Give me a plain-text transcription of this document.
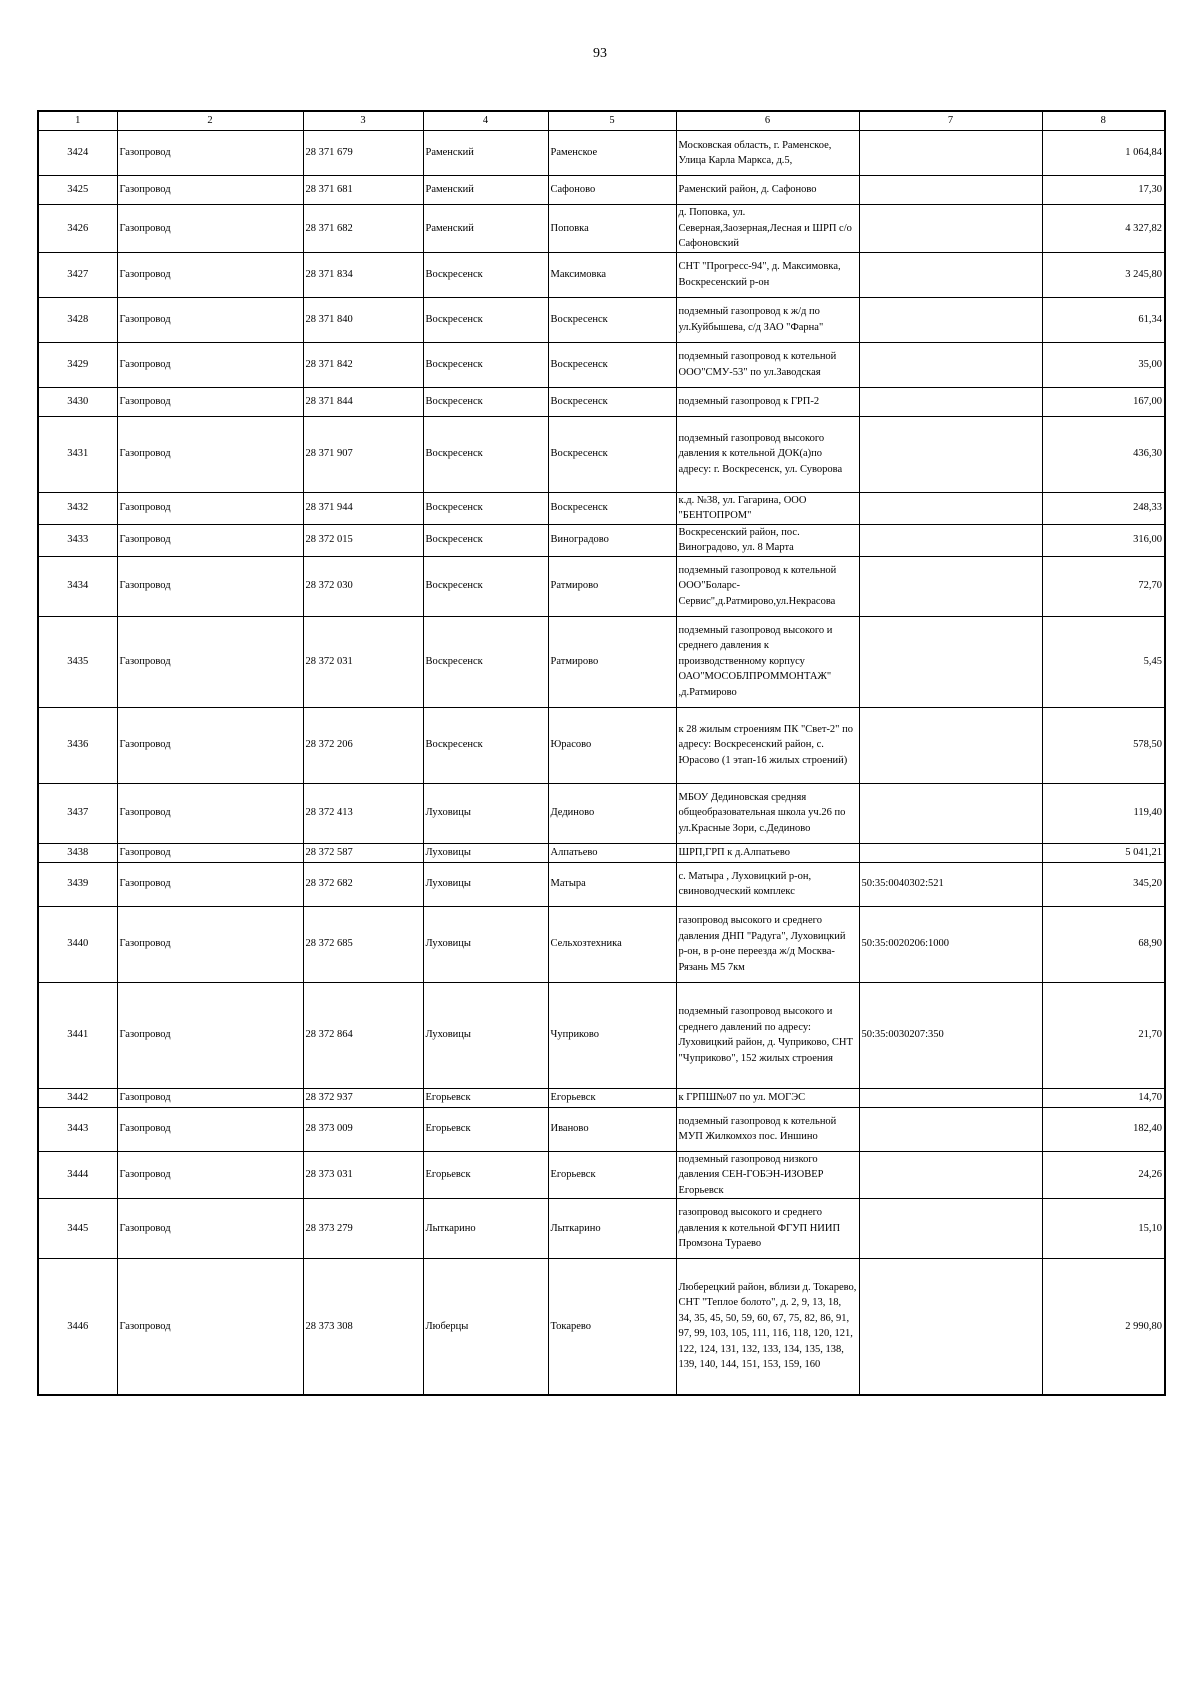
93
1	2	3	4	5	6	7	8
3424	Газопровод	28 371 679	Раменский	Раменское	Московская область, г. Раменское, Улица Карла Маркса, д.5,		1 064,84
3425	Газопровод	28 371 681	Раменский	Сафоново	Раменский район, д. Сафоново		17,30
3426	Газопровод	28 371 682	Раменский	Поповка	д. Поповка, ул. Северная,Заозерная,Лесная и ШРП с/о Сафоновский		4 327,82
3427	Газопровод	28 371 834	Воскресенск	Максимовка	СНТ "Прогресс-94", д. Максимовка, Воскресенский р-он		3 245,80
3428	Газопровод	28 371 840	Воскресенск	Воскресенск	подземный газопровод к ж/д по ул.Куйбышева, с/д ЗАО "Фарна"		61,34
3429	Газопровод	28 371 842	Воскресенск	Воскресенск	подземный газопровод к котельной ООО"СМУ-53" по ул.Заводская		35,00
3430	Газопровод	28 371 844	Воскресенск	Воскресенск	подземный газопровод к ГРП-2		167,00
3431	Газопровод	28 371 907	Воскресенск	Воскресенск	подземный газопровод высокого давления к котельной ДОК(а)по адресу: г. Воскресенск, ул. Суворова		436,30
3432	Газопровод	28 371 944	Воскресенск	Воскресенск	к.д. №38, ул. Гагарина, ООО "БЕНТОПРОМ"		248,33
3433	Газопровод	28 372 015	Воскресенск	Виноградово	Воскресенский район, пос. Виноградово, ул. 8 Марта		316,00
3434	Газопровод	28 372 030	Воскресенск	Ратмирово	подземный газопровод к котельной ООО"Боларс-Сервис",д.Ратмирово,ул.Некрасова		72,70
3435	Газопровод	28 372 031	Воскресенск	Ратмирово	подземный газопровод высокого и среднего давления к производственному корпусу ОАО"МОСОБЛПРОММОНТАЖ" ,д.Ратмирово		5,45
3436	Газопровод	28 372 206	Воскресенск	Юрасово	к 28 жилым строениям ПК "Свет-2" по адресу: Воскресенский район, с. Юрасово (1 этап-16 жилых строений)		578,50
3437	Газопровод	28 372 413	Луховицы	Дединово	МБОУ Дединовская средняя общеобразовательная школа уч.26 по ул.Красные Зори, с.Дединово		119,40
3438	Газопровод	28 372 587	Луховицы	Алпатьево	ШРП,ГРП к д.Алпатьево		5 041,21
3439	Газопровод	28 372 682	Луховицы	Матыра	с. Матыра , Луховицкий р-он, свиноводческий комплекс	50:35:0040302:521	345,20
3440	Газопровод	28 372 685	Луховицы	Сельхозтехника	газопровод высокого и среднего давления ДНП "Радуга", Луховицкий р-он, в р-оне переезда ж/д Москва-Рязань М5 7км	50:35:0020206:1000	68,90
3441	Газопровод	28 372 864	Луховицы	Чуприково	подземный газопровод высокого и среднего давлений по адресу: Луховицкий район, д. Чуприково, СНТ "Чуприково", 152 жилых строения	50:35:0030207:350	21,70
3442	Газопровод	28 372 937	Егорьевск	Егорьевск	к ГРПШ№07 по ул. МОГЭС		14,70
3443	Газопровод	28 373 009	Егорьевск	Иваново	подземный газопровод к котельной МУП Жилкомхоз пос. Иншино		182,40
3444	Газопровод	28 373 031	Егорьевск	Егорьевск	подземный газопровод низкого давления СЕН-ГОБЭН-ИЗОВЕР Егорьевск		24,26
3445	Газопровод	28 373 279	Лыткарино	Лыткарино	газопровод высокого и среднего давления к котельной ФГУП НИИП Промзона Тураево		15,10
3446	Газопровод	28 373 308	Люберцы	Токарево	Люберецкий район, вблизи д. Токарево, СНТ "Теплое болото", д. 2, 9, 13, 18, 34, 35, 45, 50, 59, 60, 67, 75, 82, 86, 91, 97, 99, 103, 105, 111, 116, 118, 120, 121, 122, 124, 131, 132, 133, 134, 135, 138, 139, 140, 144, 151, 153, 159, 160		2 990,80
